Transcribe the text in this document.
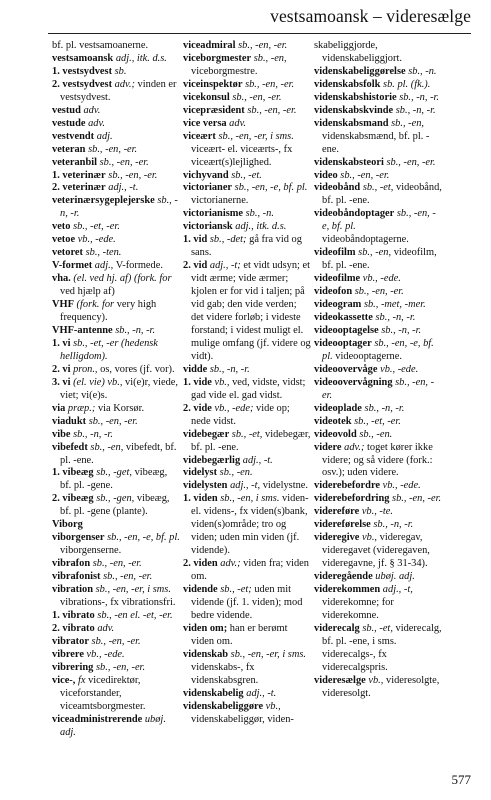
vestsamoansk – videresælge
bf. pl. vestsamoanerne.
vestsamoansk adj., itk. d.s.
1. vestsydvest sb.
2. vestsydvest adv.; vinden er vestsydvest.
vestud adv.
vestude adv.
vestvendt adj.
veteran sb., -en, -er.
veteranbil sb., -en, -er.
1. veterinær sb., -en, -er.
2. veterinær adj., -t.
veterinærsygeplejerske sb., -n, -r.
veto sb., -et, -er.
vetoe vb., -ede.
vetoret sb., -ten.
V-formet adj., V-formede.
vha. (el. ved hj. af) (fork. for ved hjælp af)
VHF (fork. for very high frequency).
VHF-antenne sb., -n, -r.
1. vi sb., -et, -er (hedensk helligdom).
2. vi pron., os, vores (jf. vor).
3. vi (el. vie) vb., vi(e)r, viede, viet; vi(e)s.
via præp.; via Korsør.
viadukt sb., -en, -er.
vibe sb., -n, -r.
vibefedt sb., -en, vibefedt, bf. pl. -ene.
1. vibeæg sb., -get, vibeæg, bf. pl. -gene.
2. vibeæg sb., -gen, vibeæg, bf. pl. -gene (plante).
Viborg
viborgenser sb., -en, -e, bf. pl. viborgenserne.
vibrafon sb., -en, -er.
vibrafonist sb., -en, -er.
vibration sb., -en, -er, i sms. vibrations-, fx vibrationsfri.
1. vibrato sb., -en el. -et, -er.
2. vibrato adv.
vibrator sb., -en, -er.
vibrere vb., -ede.
vibrering sb., -en, -er.
vice-, fx vicedirektør, viceforstander, viceamtsborgmester.
viceadministrerende ubøj. adj.
viceadmiral sb., -en, -er.
viceborgmester sb., -en, viceborgmestre.
viceinspektør sb., -en, -er.
vicekonsul sb., -en, -er.
vicepræsident sb., -en, -er.
vice versa adv.
viceært sb., -en, -er, i sms. viceært- el. viceærts-, fx viceært(s)lejlighed.
vichyvand sb., -et.
victorianer sb., -en, -e, bf. pl. victorianerne.
victorianisme sb., -n.
victoriansk adj., itk. d.s.
1. vid sb., -det; gå fra vid og sans.
2. vid adj., -t; et vidt udsyn; et vidt ærme; vide ærmer; kjolen er for vid i taljen; på vid gab; den vide verden; det videre forløb; i videste forstand; i videst muligt el. mulige omfang (jf. videre og vidt).
vidde sb., -n, -r.
1. vide vb., ved, vidste, vidst; gad vide el. gad vidst.
2. vide vb., -ede; vide op; nede vidst.
videbegær sb., -et, videbegær, bf. pl. -ene.
videbegærlig adj., -t.
videlyst sb., -en.
videlysten adj., -t, videlystne.
1. viden sb., -en, i sms. viden- el. videns-, fx viden(s)bank, viden(s)område; tro og viden; uden min viden (jf. vidende).
2. viden adv.; viden fra; viden om.
vidende sb., -et; uden mit vidende (jf. 1. viden); mod bedre vidende.
viden om; han er berømt viden om.
videnskab sb., -en, -er, i sms. videnskabs-, fx videnskabsgren.
videnskabelig adj., -t.
videnskabeliggøre vb., videnskabeliggør, viden-
skabeliggjorde, videnskabeliggjort.
videnskabeliggørelse sb., -n.
videnskabsfolk sb. pl. (fk.).
videnskabshistorie sb., -n, -r.
videnskabskvinde sb., -n, -r.
videnskabsmand sb., -en, videnskabsmænd, bf. pl. -ene.
videnskabsteori sb., -en, -er.
video sb., -en, -er.
videobånd sb., -et, videobånd, bf. pl. -ene.
videobåndoptager sb., -en, -e, bf. pl. videobåndoptagerne.
videofilm sb., -en, videofilm, bf. pl. -ene.
videofilme vb., -ede.
videofon sb., -en, -er.
videogram sb., -met, -mer.
videokassette sb., -n, -r.
videooptagelse sb., -n, -r.
videooptager sb., -en, -e, bf. pl. videooptagerne.
videoovervåge vb., -ede.
videoovervågning sb., -en, -er.
videoplade sb., -n, -r.
videotek sb., -et, -er.
videovold sb., -en.
videre adv.; toget kører ikke videre; og så videre (fork.: osv.); uden videre.
viderebefordre vb., -ede.
viderebefordring sb., -en, -er.
videreføre vb., -te.
videreførelse sb., -n, -r.
videregive vb., videregav, videregavet (videregaven, videregavne, jf. § 31-34).
videregående ubøj. adj.
viderekommen adj., -t, viderekomne; for viderekomne.
viderесalg sb., -et, viderесalg, bf. pl. -ene, i sms. viderесalgs-, fx viderесalgspris.
videresælge vb., videresolgte, videresolgt.
577
